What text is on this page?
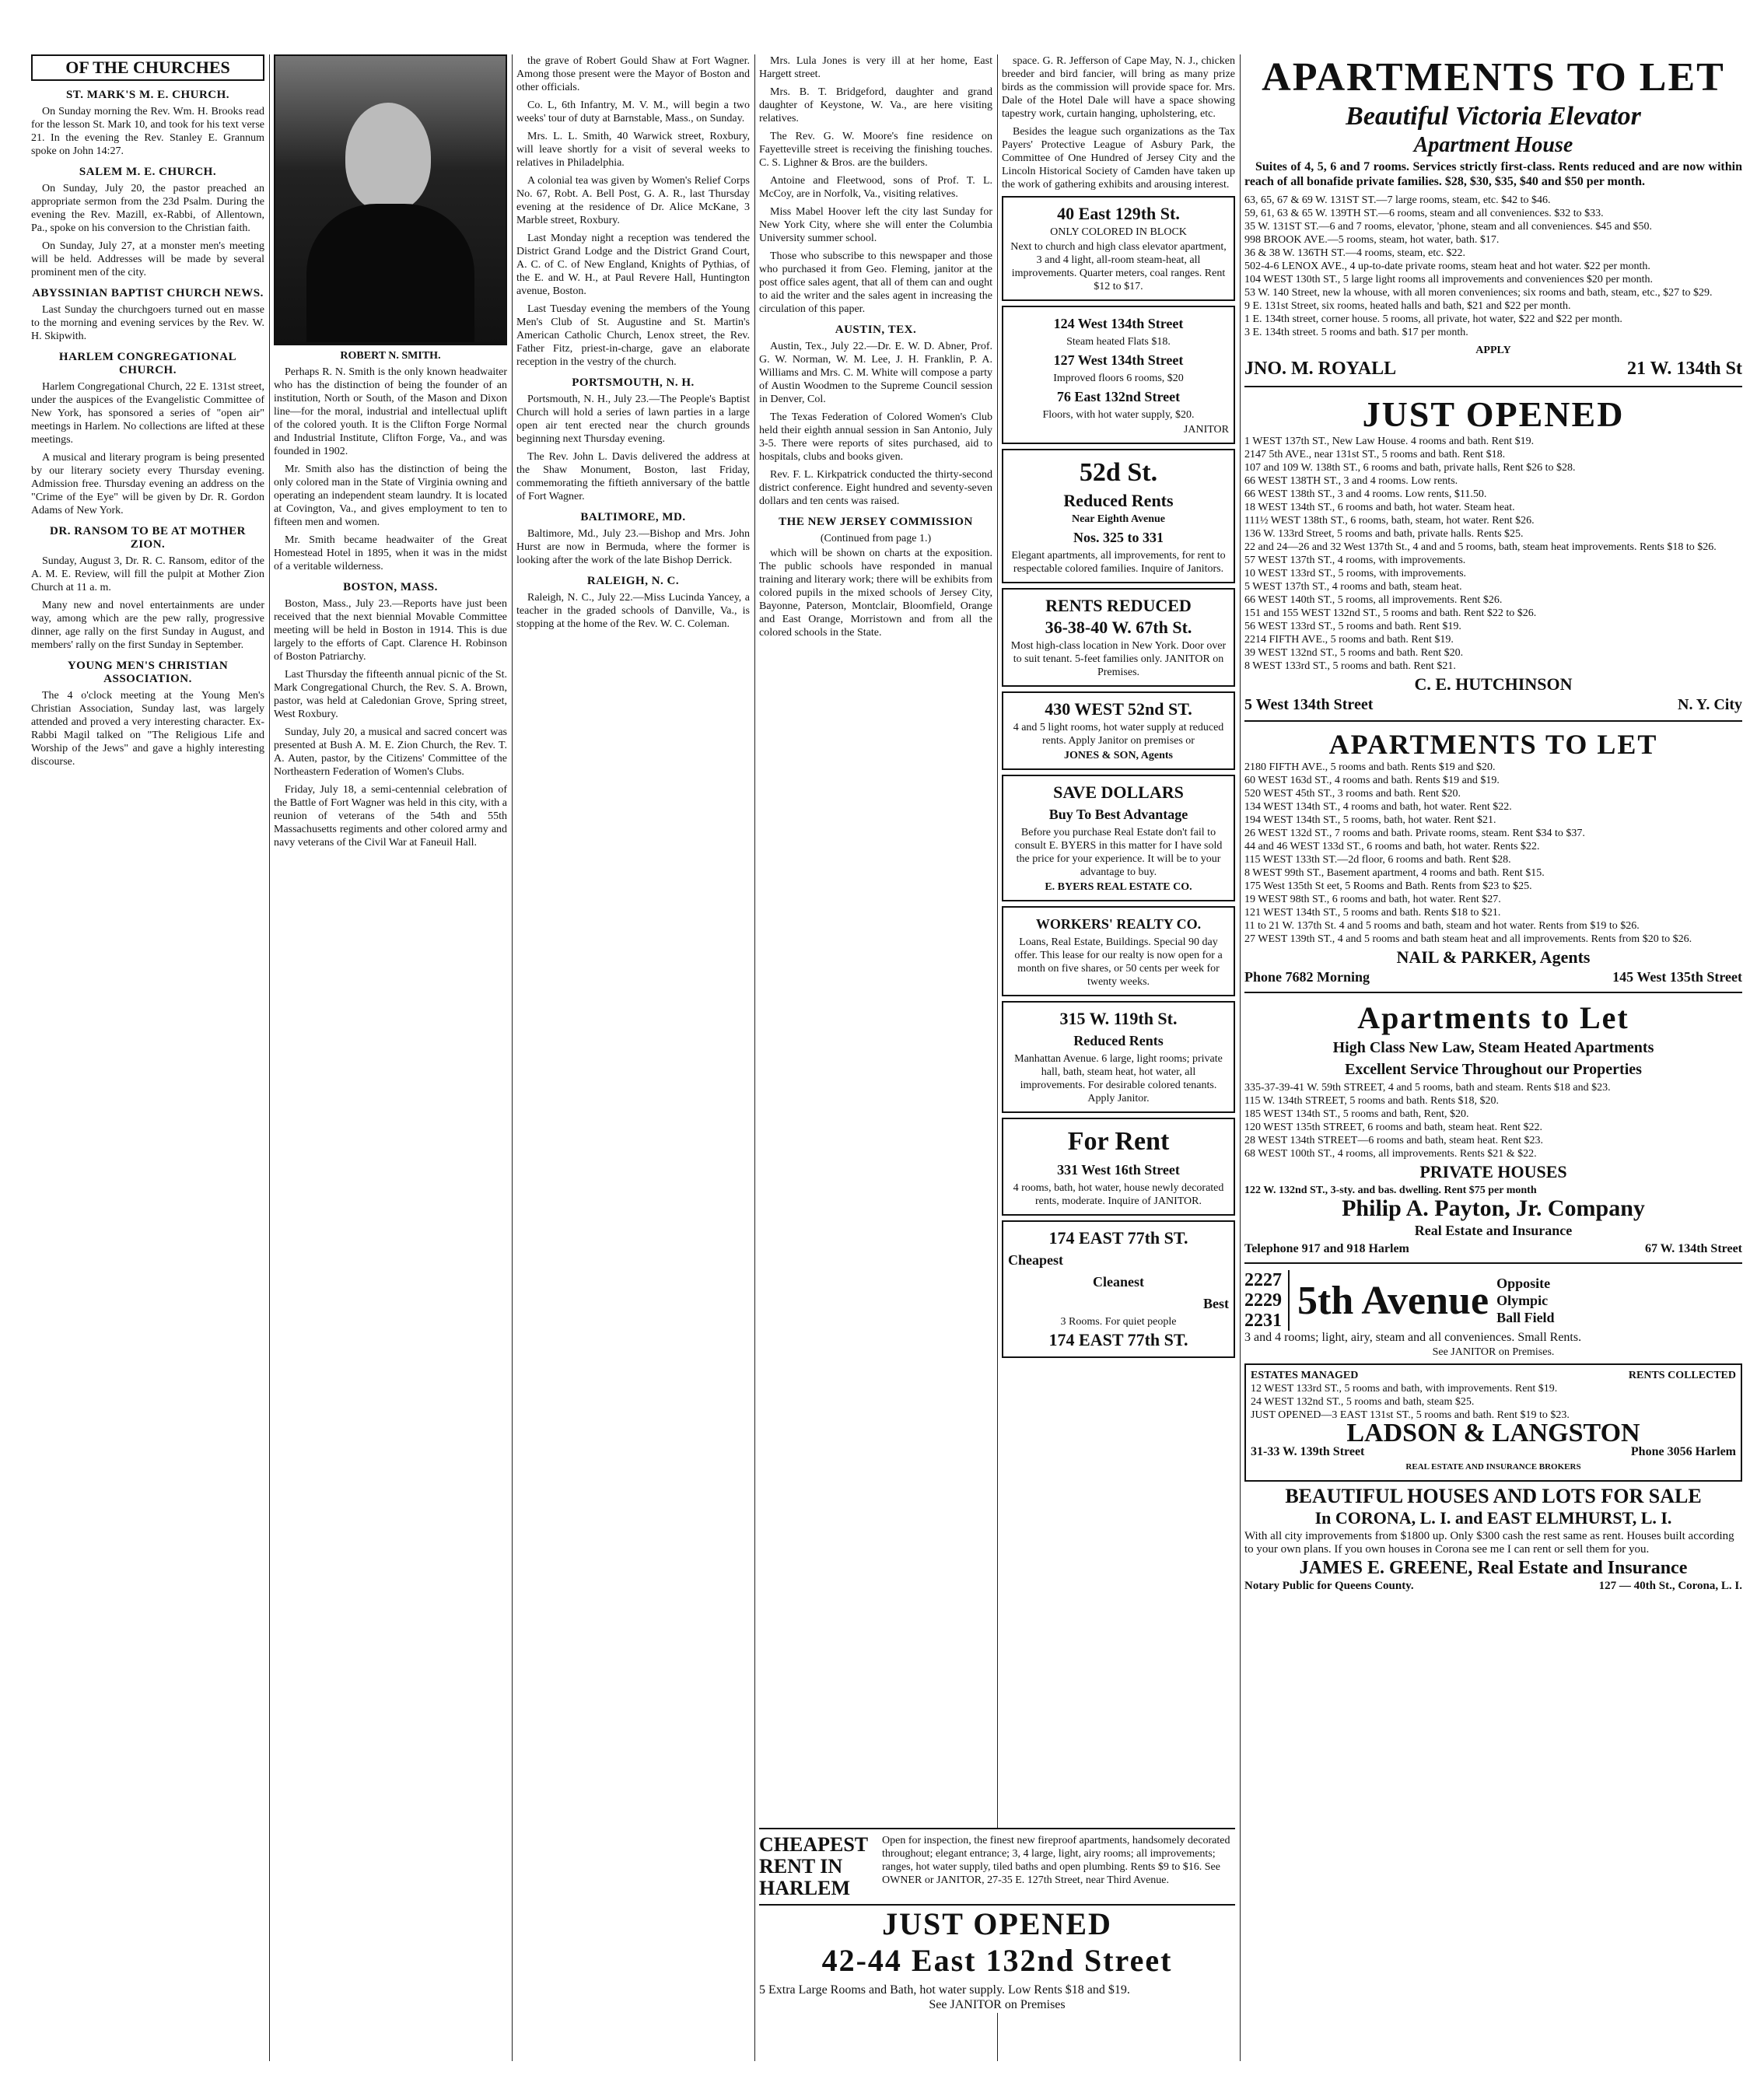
OF THE CHURCHES
ST. MARK'S M. E. CHURCH.

On Sunday morning the Rev. Wm. H. Brooks read for the lesson St. Mark 10, and took for his text verse 21. In the evening the Rev. Stanley E. Grannum spoke on John 14:27.

SALEM M. E. CHURCH.

On Sunday, July 20, the pastor preached an appropriate sermon from the 23d Psalm. During the evening the Rev. Mazill, ex-Rabbi, of Allentown, Pa., spoke on his conversion to the Christian faith.

On Sunday, July 27, at a monster men's meeting will be held. Addresses will be made by several prominent men of the city.

ABYSSINIAN BAPTIST CHURCH NEWS.

Last Sunday the churchgoers turned out en masse to the morning and evening services by the Rev. W. H. Skipwith.

HARLEM CONGREGATIONAL CHURCH.

Harlem Congregational Church, 22 E. 131st street, under the auspices of the Evangelistic Committee of New York, has sponsored a series of "open air" meetings in Harlem. No collections are lifted at these meetings.

A musical and literary program is being presented by our literary society every Thursday evening. Admission free. Thursday evening an address on the "Crime of the Eye" will be given by Dr. R. Gordon Adams of New York.

DR. RANSOM TO BE AT MOTHER ZION.

Sunday, August 3, Dr. R. C. Ransom, editor of the A. M. E. Review, will fill the pulpit at Mother Zion Church at 11 a. m.

Many new and novel entertainments are under way, among which are the pew rally, progressive dinner, age rally on the first Sunday in August, and members' rally on the first Sunday in September.

YOUNG MEN'S CHRISTIAN ASSOCIATION.

The 4 o'clock meeting at the Young Men's Christian Association, Sunday last, was largely attended and proved a very interesting character. Ex-Rabbi Magil talked on "The Religious Life and Worship of the Jews" and gave a highly interesting discourse.

ROBERT N. SMITH.

Perhaps R. N. Smith is the only known headwaiter who has the distinction of being the founder of an institution, North or South, of the Mason and Dixon line—for the moral, industrial and intellectual uplift of the colored youth. It is the Clifton Forge Normal and Industrial Institute, Clifton Forge, Va., and was founded in 1902.

Mr. Smith also has the distinction of being the only colored man in the State of Virginia owning and operating an independent steam laundry. It is located at Covington, Va., and gives employment to ten to fifteen men and women.

Mr. Smith became headwaiter of the Great Homestead Hotel in 1895, when it was in the midst of a veritable wilderness.

BOSTON, MASS.

Boston, Mass., July 23.—Reports have just been received that the next biennial Movable Committee meeting will be held in Boston in 1914. This is due largely to the efforts of Capt. Clarence H. Robinson of Boston Patriarchy.

Last Thursday the fifteenth annual picnic of the St. Mark Congregational Church, the Rev. S. A. Brown, pastor, was held at Caledonian Grove, Spring street, West Roxbury.

Sunday, July 20, a musical and sacred concert was presented at Bush A. M. E. Zion Church, the Rev. T. A. Auten, pastor, by the Citizens' Committee of the Northeastern Federation of Women's Clubs.

Friday, July 18, a semi-centennial celebration of the Battle of Fort Wagner was held in this city, with a reunion of veterans of the 54th and 55th Massachusetts regiments and other colored army and navy veterans of the Civil War at Faneuil Hall.

the grave of Robert Gould Shaw at Fort Wagner. Among those present were the Mayor of Boston and other officials.

Co. L, 6th Infantry, M. V. M., will begin a two weeks' tour of duty at Barnstable, Mass., on Sunday.

Mrs. L. L. Smith, 40 Warwick street, Roxbury, will leave shortly for a visit of several weeks to relatives in Philadelphia.

A colonial tea was given by Women's Relief Corps No. 67, Robt. A. Bell Post, G. A. R., last Thursday evening at the residence of Dr. Alice McKane, 3 Marble street, Roxbury.

Last Monday night a reception was tendered the District Grand Lodge and the District Grand Court, A. C. of C. of New England, Knights of Pythias, of the E. and W. H., at Paul Revere Hall, Huntington avenue, Boston.

Last Tuesday evening the members of the Young Men's Club of St. Augustine and St. Martin's American Catholic Church, Lenox street, the Rev. Father Fitz, priest-in-charge, gave an elaborate reception in the vestry of the church.

PORTSMOUTH, N. H.

Portsmouth, N. H., July 23.—The People's Baptist Church will hold a series of lawn parties in a large open air tent erected near the church grounds beginning next Thursday evening.

The Rev. John L. Davis delivered the address at the Shaw Monument, Boston, last Friday, commemorating the fiftieth anniversary of the battle of Fort Wagner.

BALTIMORE, MD.

Baltimore, Md., July 23.—Bishop and Mrs. John Hurst are now in Bermuda, where the former is looking after the work of the late Bishop Derrick.

RALEIGH, N. C.

Raleigh, N. C., July 22.—Miss Lucinda Yancey, a teacher in the graded schools of Danville, Va., is stopping at the home of the Rev. W. C. Coleman.

Mrs. Lula Jones is very ill at her home, East Hargett street.

Mrs. B. T. Bridgeford, daughter and grand daughter of Keystone, W. Va., are here visiting relatives.

The Rev. G. W. Moore's fine residence on Fayetteville street is receiving the finishing touches. C. S. Lighner & Bros. are the builders.

Antoine and Fleetwood, sons of Prof. T. L. McCoy, are in Norfolk, Va., visiting relatives.

Miss Mabel Hoover left the city last Sunday for New York City, where she will enter the Columbia University summer school.

Those who subscribe to this newspaper and those who purchased it from Geo. Fleming, janitor at the post office sales agent, that all of them can and ought to aid the writer and the sales agent in increasing the circulation of this paper.

AUSTIN, TEX.

Austin, Tex., July 22.—Dr. E. W. D. Abner, Prof. G. W. Norman, W. M. Lee, J. H. Franklin, P. A. Williams and Mrs. C. M. White will compose a party of Austin Woodmen to the Supreme Council session in Denver, Col.

The Texas Federation of Colored Women's Club held their eighth annual session in San Antonio, July 3-5. There were reports of sites purchased, aid to hospitals, clubs and books given.

Rev. F. L. Kirkpatrick conducted the thirty-second district conference. Eight hundred and seventy-seven dollars and ten cents was raised.

THE NEW JERSEY COMMISSION
(Continued from page 1.)

which will be shown on charts at the exposition. The public schools have responded in manual training and literary work; there will be exhibits from colored pupils in the mixed schools of Jersey City, Bayonne, Paterson, Montclair, Bloomfield, Orange and East Orange, Morristown and from all the colored schools in the State.

space. G. R. Jefferson of Cape May, N. J., chicken breeder and bird fancier, will bring as many prize birds as the commission will provide space for. Mrs. Dale of the Hotel Dale will have a space showing tapestry work, curtain hanging, upholstering, etc.

Besides the league such organizations as the Tax Payers' Protective League of Asbury Park, the Committee of One Hundred of Jersey City and the Lincoln Historical Society of Camden have taken up the work of gathering exhibits and arousing interest.

40 East 129th St.
ONLY COLORED IN BLOCK
Next to church and high class elevator apartment, 3 and 4 light, all-room steam-heat, all improvements. Quarter meters, coal ranges. Rent $12 to $17.
124 West 134th Street
Steam heated Flats $18.
127 West 134th Street
Improved floors 6 rooms, $20
76 East 132nd Street
Floors, with hot water supply, $20.
JANITOR
52d St.
Reduced Rents
Near Eighth Avenue
Nos. 325 to 331
Elegant apartments, all improvements, for rent to respectable colored families. Inquire of Janitors.
RENTS REDUCED
36-38-40 W. 67th St.
Most high-class location in New York. Door over to suit tenant. 5-feet families only. JANITOR on Premises.
430 WEST 52nd ST.
4 and 5 light rooms, hot water supply at reduced rents. Apply Janitor on premises or
JONES & SON, Agents
SAVE DOLLARS
Buy To Best Advantage
Before you purchase Real Estate don't fail to consult E. BYERS in this matter for I have sold the price for your experience. It will be to your advantage to buy.
E. BYERS REAL ESTATE CO.
WORKERS' REALTY CO.
Loans, Real Estate, Buildings. Special 90 day offer. This lease for our realty is now open for a month on five shares, or 50 cents per week for twenty weeks.
315 W. 119th St.
Reduced Rents
Manhattan Avenue. 6 large, light rooms; private hall, bath, steam heat, hot water, all improvements. For desirable colored tenants. Apply Janitor.
For Rent
331 West 16th Street
4 rooms, bath, hot water, house newly decorated rents, moderate. Inquire of JANITOR.
174 EAST 77th ST.
Cheapest
Cleanest
Best
3 Rooms. For quiet people
174 EAST 77th ST.
APARTMENTS TO LET
Beautiful Victoria Elevator
Apartment House

Suites of 4, 5, 6 and 7 rooms. Services strictly first-class. Rents reduced and are now within reach of all bonafide private families. $28, $30, $35, $40 and $50 per month.

63, 65, 67 & 69 W. 131ST ST.—7 large rooms, steam, etc. $42 to $46.

59, 61, 63 & 65 W. 139TH ST.—6 rooms, steam and all conveniences. $32 to $33.

35 W. 131ST ST.—6 and 7 rooms, elevator, 'phone, steam and all conveniences. $45 and $50.

998 BROOK AVE.—5 rooms, steam, hot water, bath. $17.

36 & 38 W. 136TH ST.—4 rooms, steam, etc. $22.

502-4-6 LENOX AVE., 4 up-to-date private rooms, steam heat and hot water. $22 per month.

104 WEST 130th ST., 5 large light rooms all improvements and conveniences $20 per month.

53 W. 140 Street, new la whouse, with all moren conveniences; six rooms and bath, steam, etc., $27 to $29.

9 E. 131st Street, six rooms, heated halls and bath, $21 and $22 per month.

1 E. 134th street, corner house. 5 rooms, all private, hot water, $22 and $22 per month.

3 E. 134th street. 5 rooms and bath. $17 per month.

APPLY
JNO. M. ROYALL	21 W. 134th St
JUST OPENED

1 WEST 137th ST., New Law House. 4 rooms and bath. Rent $19.

2147 5th AVE., near 131st ST., 5 rooms and bath. Rent $18.

107 and 109 W. 138th ST., 6 rooms and bath, private halls, Rent $26 to $28.

66 WEST 138TH ST., 3 and 4 rooms. Low rents.

66 WEST 138th ST., 3 and 4 rooms. Low rents, $11.50.

18 WEST 134th ST., 6 rooms and bath, hot water. Steam heat.

111½ WEST 138th ST., 6 rooms, bath, steam, hot water. Rent $26.

136 W. 133rd Street, 5 rooms and bath, private halls. Rents $25.

22 and 24—26 and 32 West 137th St., 4 and and 5 rooms, bath, steam heat improvements. Rents $18 to $26.

57 WEST 137th ST., 4 rooms, with improvements.

10 WEST 133rd ST., 5 rooms, with improvements.

5 WEST 137th ST., 4 rooms and bath, steam heat.

66 WEST 140th ST., 5 rooms, all improvements. Rent $26.

151 and 155 WEST 132nd ST., 5 rooms and bath. Rent $22 to $26.

56 WEST 133rd ST., 5 rooms and bath. Rent $19.

2214 FIFTH AVE., 5 rooms and bath. Rent $19.

39 WEST 132nd ST., 5 rooms and bath. Rent $20.

8 WEST 133rd ST., 5 rooms and bath. Rent $21.

C. E. HUTCHINSON
5 West 134th Street	N. Y. City
APARTMENTS TO LET

2180 FIFTH AVE., 5 rooms and bath. Rents $19 and $20.

60 WEST 163d ST., 4 rooms and bath. Rents $19 and $19.

520 WEST 45th ST., 3 rooms and bath. Rent $20.

134 WEST 134th ST., 4 rooms and bath, hot water. Rent $22.

194 WEST 134th ST., 5 rooms, bath, hot water. Rent $21.

26 WEST 132d ST., 7 rooms and bath. Private rooms, steam. Rent $34 to $37.

44 and 46 WEST 133d ST., 6 rooms and bath, hot water. Rents $22.

115 WEST 133th ST.—2d floor, 6 rooms and bath. Rent $28.

8 WEST 99th ST., Basement apartment, 4 rooms and bath. Rent $15.

175 West 135th St eet, 5 Rooms and Bath. Rents from $23 to $25.

19 WEST 98th ST., 6 rooms and bath, hot water. Rent $27.

121 WEST 134th ST., 5 rooms and bath. Rents $18 to $21.

11 to 21 W. 137th St. 4 and 5 rooms and bath, steam and hot water. Rents from $19 to $26.

27 WEST 139th ST., 4 and 5 rooms and bath steam heat and all improvements. Rents from $20 to $26.

NAIL & PARKER, Agents
Phone 7682 Morning	145 West 135th Street
Apartments to Let
High Class New Law, Steam Heated Apartments
Excellent Service Throughout our Properties

335-37-39-41 W. 59th STREET, 4 and 5 rooms, bath and steam. Rents $18 and $23.

115 W. 134th STREET, 5 rooms and bath. Rents $18, $20.

185 WEST 134th ST., 5 rooms and bath, Rent, $20.

120 WEST 135th STREET, 6 rooms and bath, steam heat. Rent $22.

28 WEST 134th STREET—6 rooms and bath, steam heat. Rent $23.

68 WEST 100th ST., 4 rooms, all improvements. Rents $21 & $22.

PRIVATE HOUSES

122 W. 132nd ST., 3-sty. and bas. dwelling. Rent $75 per month

Philip A. Payton, Jr. Company
Real Estate and Insurance
Telephone 917 and 918 Harlem	67 W. 134th Street
2227
2229
2231 5th Avenue Opposite
Olympic
Ball Field

3 and 4 rooms; light, airy, steam and all conveniences. Small Rents.

See JANITOR on Premises.
ESTATES MANAGED	RENTS COLLECTED

12 WEST 133rd ST., 5 rooms and bath, with improvements. Rent $19.

24 WEST 132nd ST., 5 rooms and bath, steam $25.

JUST OPENED—3 EAST 131st ST., 5 rooms and bath. Rent $19 to $23.

LADSON & LANGSTON
31-33 W. 139th Street	Phone 3056 Harlem
REAL ESTATE AND INSURANCE BROKERS
BEAUTIFUL HOUSES AND LOTS FOR SALE
In CORONA, L. I. and EAST ELMHURST, L. I.

With all city improvements from $1800 up. Only $300 cash the rest same as rent. Houses built according to your own plans. If you own houses in Corona see me I can rent or sell them for you.

JAMES E. GREENE, Real Estate and Insurance
Notary Public for Queens County.	127 — 40th St., Corona, L. I.
CHEAPEST
RENT IN
HARLEM

Open for inspection, the finest new fireproof apartments, handsomely decorated throughout; elegant entrance; 3, 4 large, light, airy rooms; all improvements; ranges, hot water supply, tiled baths and open plumbing. Rents $9 to $16. See OWNER or JANITOR, 27-35 E. 127th Street, near Third Avenue.

JUST OPENED
42-44 East 132nd Street

5 Extra Large Rooms and Bath, hot water supply. Low Rents $18 and $19.

See JANITOR on Premises
